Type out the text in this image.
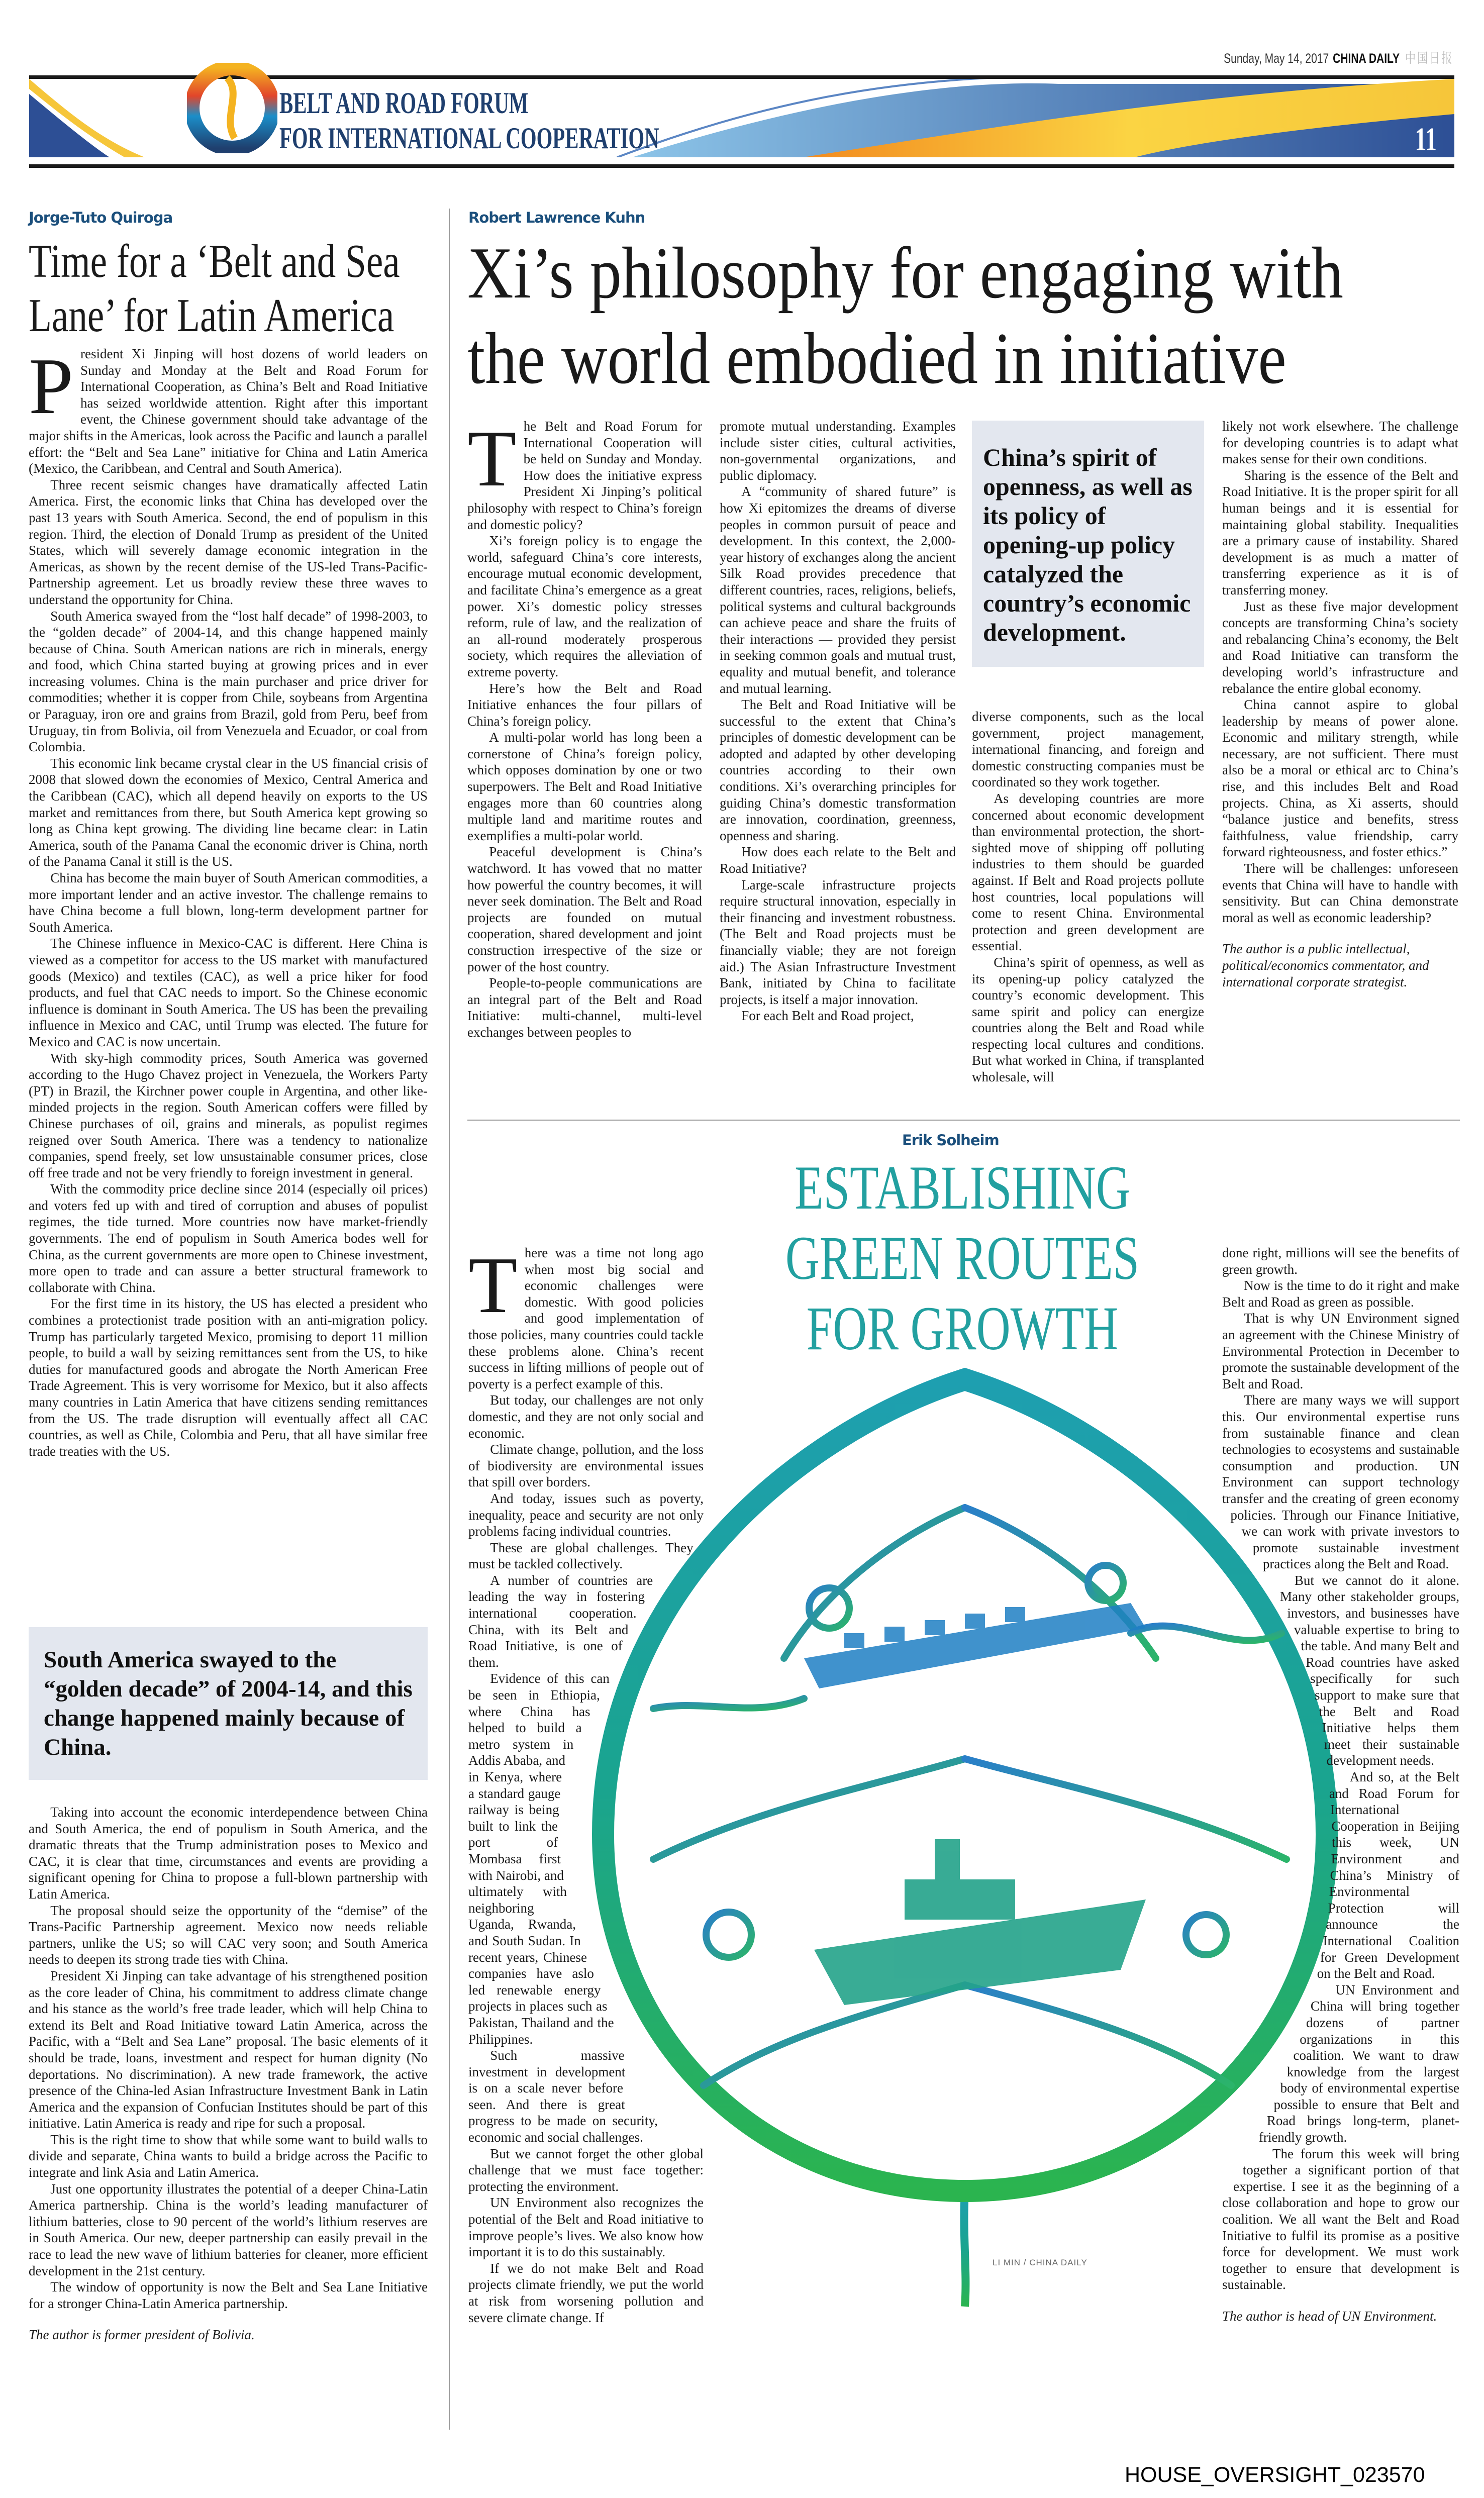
Sunday, May 14, 2017 CHINA DAILY 中国日报
BELT AND ROAD FORUM
FOR INTERNATIONAL COOPERATION	11
Jorge-Tuto Quiroga
Time for a ‘Belt and Sea
Lane’ for Latin America

President Xi Jinping will host dozens of world leaders on Sunday and Monday at the Belt and Road Forum for International Cooperation, as China’s Belt and Road Initiative has seized worldwide attention. Right after this important event, the Chinese government should take advantage of the major shifts in the Americas, look across the Pacific and launch a parallel effort: the “Belt and Sea Lane” initiative for China and Latin America (Mexico, the Caribbean, and Central and South America).

Three recent seismic changes have dramatically affected Latin America. First, the economic links that China has developed over the past 13 years with South America. Second, the end of populism in this region. Third, the election of Donald Trump as president of the United States, which will severely damage economic integration in the Americas, as shown by the recent demise of the US-led Trans-Pacific-Partnership agreement. Let us broadly review these three waves to understand the opportunity for China.

South America swayed from the “lost half decade” of 1998-2003, to the “golden decade” of 2004-14, and this change happened mainly because of China. South American nations are rich in minerals, energy and food, which China started buying at growing prices and in ever increasing volumes. China is the main purchaser and price driver for commodities; whether it is copper from Chile, soybeans from Argentina or Paraguay, iron ore and grains from Brazil, gold from Peru, beef from Uruguay, tin from Bolivia, oil from Venezuela and Ecuador, or coal from Colombia.

This economic link became crystal clear in the US financial crisis of 2008 that slowed down the economies of Mexico, Central America and the Caribbean (CAC), which all depend heavily on exports to the US market and remittances from there, but South America kept growing so long as China kept growing. The dividing line became clear: in Latin America, south of the Panama Canal the economic driver is China, north of the Panama Canal it still is the US.

China has become the main buyer of South American commodities, a more important lender and an active investor. The challenge remains to have China become a full blown, long-term development partner for South America.

The Chinese influence in Mexico-CAC is different. Here China is viewed as a competitor for access to the US market with manufactured goods (Mexico) and textiles (CAC), as well a price hiker for food products, and fuel that CAC needs to import. So the Chinese economic influence is dominant in South America. The US has been the prevailing influence in Mexico and CAC, until Trump was elected. The future for Mexico and CAC is now uncertain.

With sky-high commodity prices, South America was governed according to the Hugo Chavez project in Venezuela, the Workers Party (PT) in Brazil, the Kirchner power couple in Argentina, and other like-minded projects in the region. South American coffers were filled by Chinese purchases of oil, grains and minerals, as populist regimes reigned over South America. There was a tendency to nationalize companies, spend freely, set low unsustainable consumer prices, close off free trade and not be very friendly to foreign investment in general.

With the commodity price decline since 2014 (especially oil prices) and voters fed up with and tired of corruption and abuses of populist regimes, the tide turned. More countries now have market-friendly governments. The end of populism in South America bodes well for China, as the current governments are more open to Chinese investment, more open to trade and can assure a better structural framework to collaborate with China.

For the first time in its history, the US has elected a president who combines a protectionist trade position with an anti-migration policy. Trump has particularly targeted Mexico, promising to deport 11 million people, to build a wall by seizing remittances sent from the US, to hike duties for manufactured goods and abrogate the North American Free Trade Agreement. This is very worrisome for Mexico, but it also affects many countries in Latin America that have citizens sending remittances from the US. The trade disruption will eventually affect all CAC countries, as well as Chile, Colombia and Peru, that all have similar free trade treaties with the US.

South America swayed to the “golden decade” of 2004-14, and this change happened mainly because of China.

Taking into account the economic interdependence between China and South America, the end of populism in South America, and the dramatic threats that the Trump administration poses to Mexico and CAC, it is clear that time, circumstances and events are providing a significant opening for China to propose a full-blown partnership with Latin America.

The proposal should seize the opportunity of the “demise” of the Trans-Pacific Partnership agreement. Mexico now needs reliable partners, unlike the US; so will CAC very soon; and South America needs to deepen its strong trade ties with China.

President Xi Jinping can take advantage of his strengthened position as the core leader of China, his commitment to address climate change and his stance as the world’s free trade leader, which will help China to extend its Belt and Road Initiative toward Latin America, across the Pacific, with a “Belt and Sea Lane” proposal. The basic elements of it should be trade, loans, investment and respect for human dignity (No deportations. No discrimination). A new trade framework, the active presence of the China-led Asian Infrastructure Investment Bank in Latin America and the expansion of Confucian Institutes should be part of this initiative. Latin America is ready and ripe for such a proposal.

This is the right time to show that while some want to build walls to divide and separate, China wants to build a bridge across the Pacific to integrate and link Asia and Latin America.

Just one opportunity illustrates the potential of a deeper China-Latin America partnership. China is the world’s leading manufacturer of lithium batteries, close to 90 percent of the world’s lithium reserves are in South America. Our new, deeper partnership can easily prevail in the race to lead the new wave of lithium batteries for cleaner, more efficient development in the 21st century.

The window of opportunity is now the Belt and Sea Lane Initiative for a stronger China-Latin America partnership.

The author is former president of Bolivia.

Robert Lawrence Kuhn
Xi’s philosophy for engaging with
the world embodied in initiative

The Belt and Road Forum for International Cooperation will be held on Sunday and Monday. How does the initiative express President Xi Jinping’s political philosophy with respect to China’s foreign and domestic policy?

Xi’s foreign policy is to engage the world, safeguard China’s core interests, encourage mutual economic development, and facilitate China’s emergence as a great power. Xi’s domestic policy stresses reform, rule of law, and the realization of an all-round moderately prosperous society, which requires the alleviation of extreme poverty.

Here’s how the Belt and Road Initiative enhances the four pillars of China’s foreign policy.

A multi-polar world has long been a cornerstone of China’s foreign policy, which opposes domination by one or two superpowers. The Belt and Road Initiative engages more than 60 countries along multiple land and maritime routes and exemplifies a multi-polar world.

Peaceful development is China’s watchword. It has vowed that no matter how powerful the country becomes, it will never seek domination. The Belt and Road projects are founded on mutual cooperation, shared development and joint construction irrespective of the size or power of the host country.

People-to-people communications are an integral part of the Belt and Road Initiative: multi-channel, multi-level exchanges between peoples to

promote mutual understanding. Examples include sister cities, cultural activities, non-governmental organizations, and public diplomacy.

A “community of shared future” is how Xi epitomizes the dreams of diverse peoples in common pursuit of peace and development. In this context, the 2,000-year history of exchanges along the ancient Silk Road provides precedence that different countries, races, religions, beliefs, political systems and cultural backgrounds can achieve peace and share the fruits of their interactions — provided they persist in seeking common goals and mutual trust, equality and mutual benefit, and tolerance and mutual learning.

The Belt and Road Initiative will be successful to the extent that China’s principles of domestic development can be adopted and adapted by other developing countries according to their own conditions. Xi’s overarching principles for guiding China’s domestic transformation are innovation, coordination, greenness, openness and sharing.

How does each relate to the Belt and Road Initiative?

Large-scale infrastructure projects require structural innovation, especially in their financing and investment robustness. (The Belt and Road projects must be financially viable; they are not foreign aid.) The Asian Infrastructure Investment Bank, initiated by China to facilitate projects, is itself a major innovation.

For each Belt and Road project,

China’s spirit of openness, as well as its policy of opening-up policy catalyzed the country’s economic development.

diverse components, such as the local government, project management, international financing, and foreign and domestic constructing companies must be coordinated so they work together.

As developing countries are more concerned about economic development than environmental protection, the short-sighted move of shipping off polluting industries to them should be guarded against. If Belt and Road projects pollute host countries, local populations will come to resent China. Environmental protection and green development are essential.

China’s spirit of openness, as well as its opening-up policy catalyzed the country’s economic development. This same spirit and policy can energize countries along the Belt and Road while respecting local cultures and conditions. But what worked in China, if transplanted wholesale, will

likely not work elsewhere. The challenge for developing countries is to adapt what makes sense for their own conditions.

Sharing is the essence of the Belt and Road Initiative. It is the proper spirit for all human beings and it is essential for maintaining global stability. Inequalities are a primary cause of instability. Shared development is as much a matter of transferring experience as it is of transferring money.

Just as these five major development concepts are transforming China’s society and rebalancing China’s economy, the Belt and Road Initiative can transform the developing world’s infrastructure and rebalance the entire global economy.

China cannot aspire to global leadership by means of power alone. Economic and military strength, while necessary, are not sufficient. There must also be a moral or ethical arc to China’s rise, and this includes Belt and Road projects. China, as Xi asserts, should “balance justice and benefits, stress faithfulness, value friendship, carry forward righteousness, and foster ethics.”

There will be challenges: unforeseen events that China will have to handle with sensitivity. But can China demonstrate moral as well as economic leadership?

The author is a public intellectual, political/economics commentator, and international corporate strategist.

Erik Solheim
ESTABLISHING
GREEN ROUTES
FOR GROWTH
LI MIN / CHINA DAILY

There was a time not long ago when most big social and economic challenges were domestic. With good policies and good implementation of those policies, many countries could tackle these problems alone. China’s recent success in lifting millions of people out of poverty is a perfect example of this.

But today, our challenges are not only domestic, and they are not only social and economic.

Climate change, pollution, and the loss of biodiversity are environmental issues that spill over borders.

And today, issues such as poverty, inequality, peace and security are not only problems facing individual countries.

These are global challenges. They must be tackled collectively.

A number of countries are leading the way in fostering international cooperation. China, with its Belt and Road Initiative, is one of them.

Evidence of this can be seen in Ethiopia, where China has helped to build a metro system in Addis Ababa, and in Kenya, where a standard gauge railway is being built to link the port of Mombasa first with Nairobi, and ultimately with neighboring Uganda, Rwanda, and South Sudan. In recent years, Chinese companies have aslo led renewable energy projects in places such as Pakistan, Thailand and the Philippines.

Such massive investment in development is on a scale never before seen. And there is great progress to be made on security, economic and social challenges.

But we cannot forget the other global challenge that we must face together: protecting the environment.

UN Environment also recognizes the potential of the Belt and Road initiative to improve people’s lives. We also know how important it is to do this sustainably.

If we do not make Belt and Road projects climate friendly, we put the world at risk from worsening pollution and severe climate change. If

done right, millions will see the benefits of green growth.

Now is the time to do it right and make Belt and Road as green as possible.

That is why UN Environment signed an agreement with the Chinese Ministry of Environmental Protection in December to promote the sustainable development of the Belt and Road.

There are many ways we will support this. Our environmental expertise runs from sustainable finance and clean technologies to ecosystems and sustainable consumption and production. UN Environment can support technology transfer and the creating of green economy policies. Through our Finance Initiative, we can work with private investors to promote sustainable investment practices along the Belt and Road.

But we cannot do it alone. Many other stakeholder groups, investors, and businesses have valuable expertise to bring to the table. And many Belt and Road countries have asked specifically for such support to make sure that the Belt and Road Initiative helps them meet their sustainable development needs.

And so, at the Belt and Road Forum for International Cooperation in Beijing this week, UN Environment and China’s Ministry of Environmental Protection will announce the International Coalition for Green Development on the Belt and Road.

UN Environment and China will bring together dozens of partner organizations in this coalition. We want to draw knowledge from the largest body of environmental expertise possible to ensure that Belt and Road brings long-term, planet-friendly growth.

The forum this week will bring together a significant portion of that expertise. I see it as the beginning of a close collaboration and hope to grow our coalition. We all want the Belt and Road Initiative to fulfil its promise as a positive force for development. We must work together to ensure that development is sustainable.

The author is head of UN Environment.

HOUSE_OVERSIGHT_023570
